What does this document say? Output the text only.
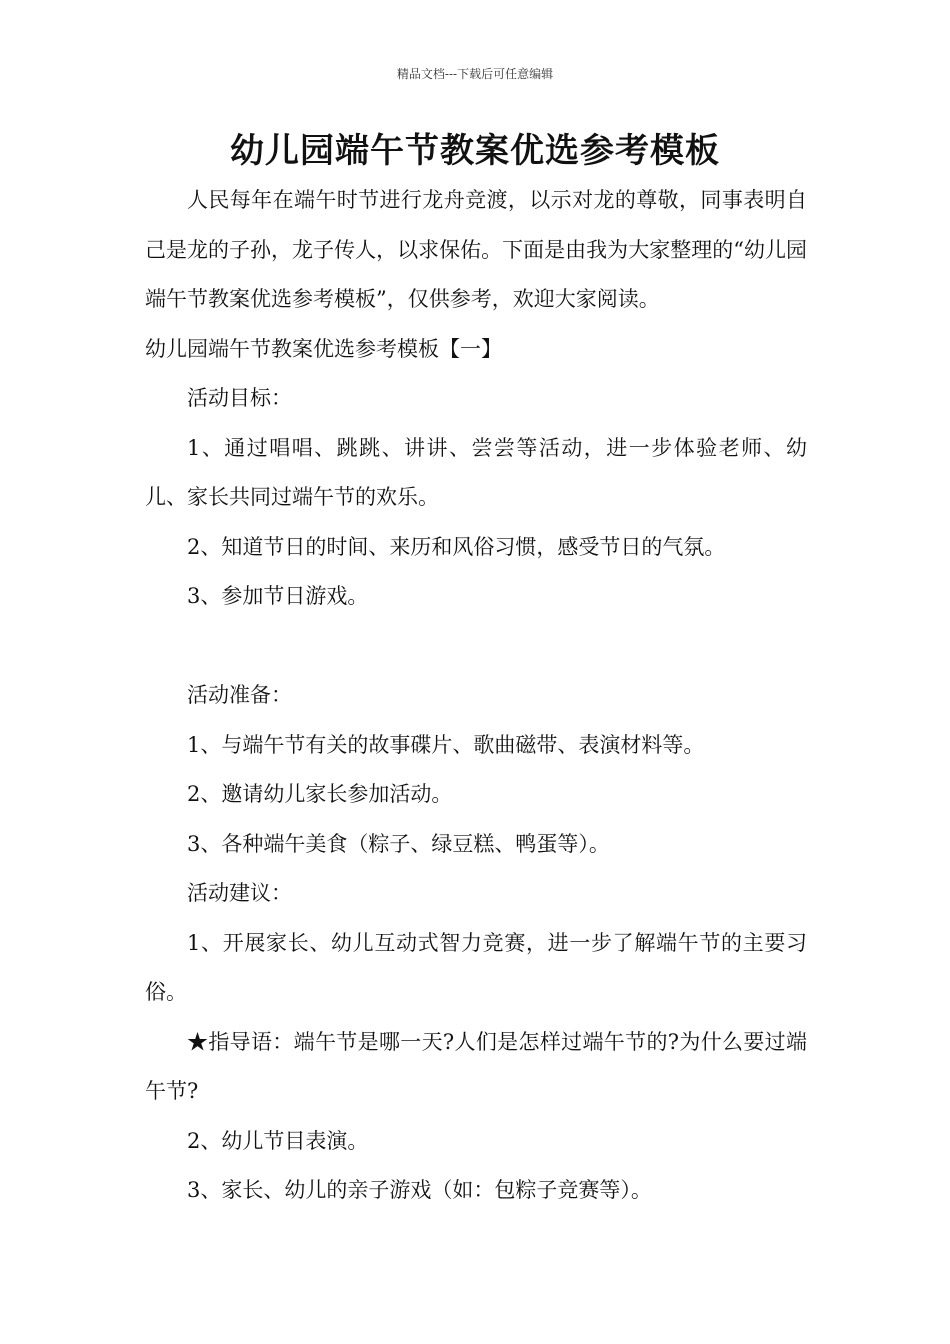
精品文档---下载后可任意编辑
幼儿园端午节教案优选参考模板

人民每年在端午时节进行龙舟竞渡，以示对龙的尊敬，同事表明自己是龙的子孙，龙子传人，以求保佑。下面是由我为大家整理的“幼儿园端午节教案优选参考模板”，仅供参考，欢迎大家阅读。

幼儿园端午节教案优选参考模板【一】

活动目标：

1、通过唱唱、跳跳、讲讲、尝尝等活动，进一步体验老师、幼儿、家长共同过端午节的欢乐。

2、知道节日的时间、来历和风俗习惯，感受节日的气氛。

3、参加节日游戏。

活动准备：

1、与端午节有关的故事碟片、歌曲磁带、表演材料等。

2、邀请幼儿家长参加活动。

3、各种端午美食（粽子、绿豆糕、鸭蛋等）。

活动建议：

1、开展家长、幼儿互动式智力竞赛，进一步了解端午节的主要习俗。

★指导语：端午节是哪一天?人们是怎样过端午节的?为什么要过端午节?

2、幼儿节目表演。

3、家长、幼儿的亲子游戏（如：包粽子竞赛等）。
